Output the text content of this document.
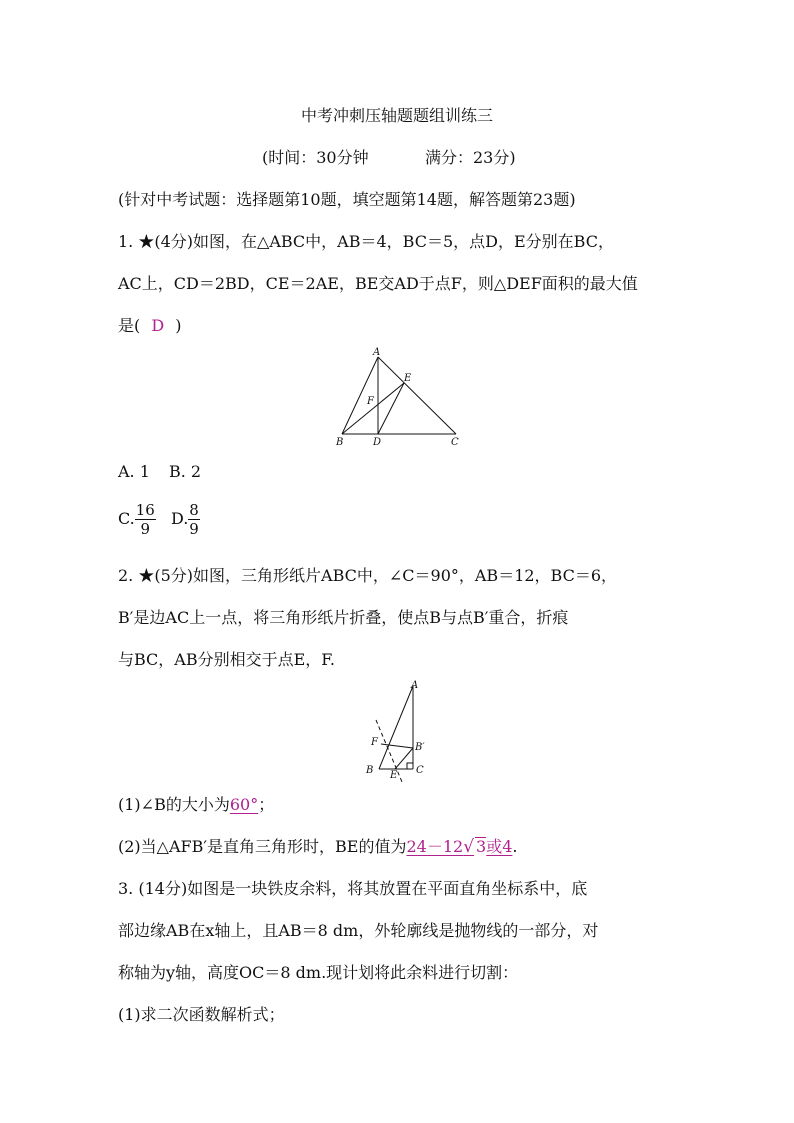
中考冲刺压轴题题组训练三
(时间：30分钟	满分：23分)
(针对中考试题：选择题第10题，填空题第14题，解答题第23题)
1. ★(4分)如图，在△ABC中，AB＝4，BC＝5，点D，E分别在BC，
AC上，CD＝2BD，CE＝2AE，BE交AD于点F，则△DEF面积的最大值
是( D )
A
B	C
D
E
F
A. 1 B. 2
C. $\frac{16}{9} D$. $\frac{8}{9}$
2. ★(5分)如图，三角形纸片ABC中，∠C＝90°，AB＝12，BC＝6，
B′是边AC上一点，将三角形纸片折叠，使点B与点B′重合，折痕
与BC，AB分别相交于点E，F.
A
B	C
E
F	B′
(1)∠B的大小为60°；
(2)当△AFB′是直角三角形时，BE的值为24－12√ 3或4.
3. (14分)如图是一块铁皮余料，将其放置在平面直角坐标系中，底
部边缘AB在x轴上，且AB＝8 dm，外轮廓线是抛物线的一部分，对
称轴为y轴，高度OC＝8 dm.现计划将此余料进行切割：
(1)求二次函数解析式；
